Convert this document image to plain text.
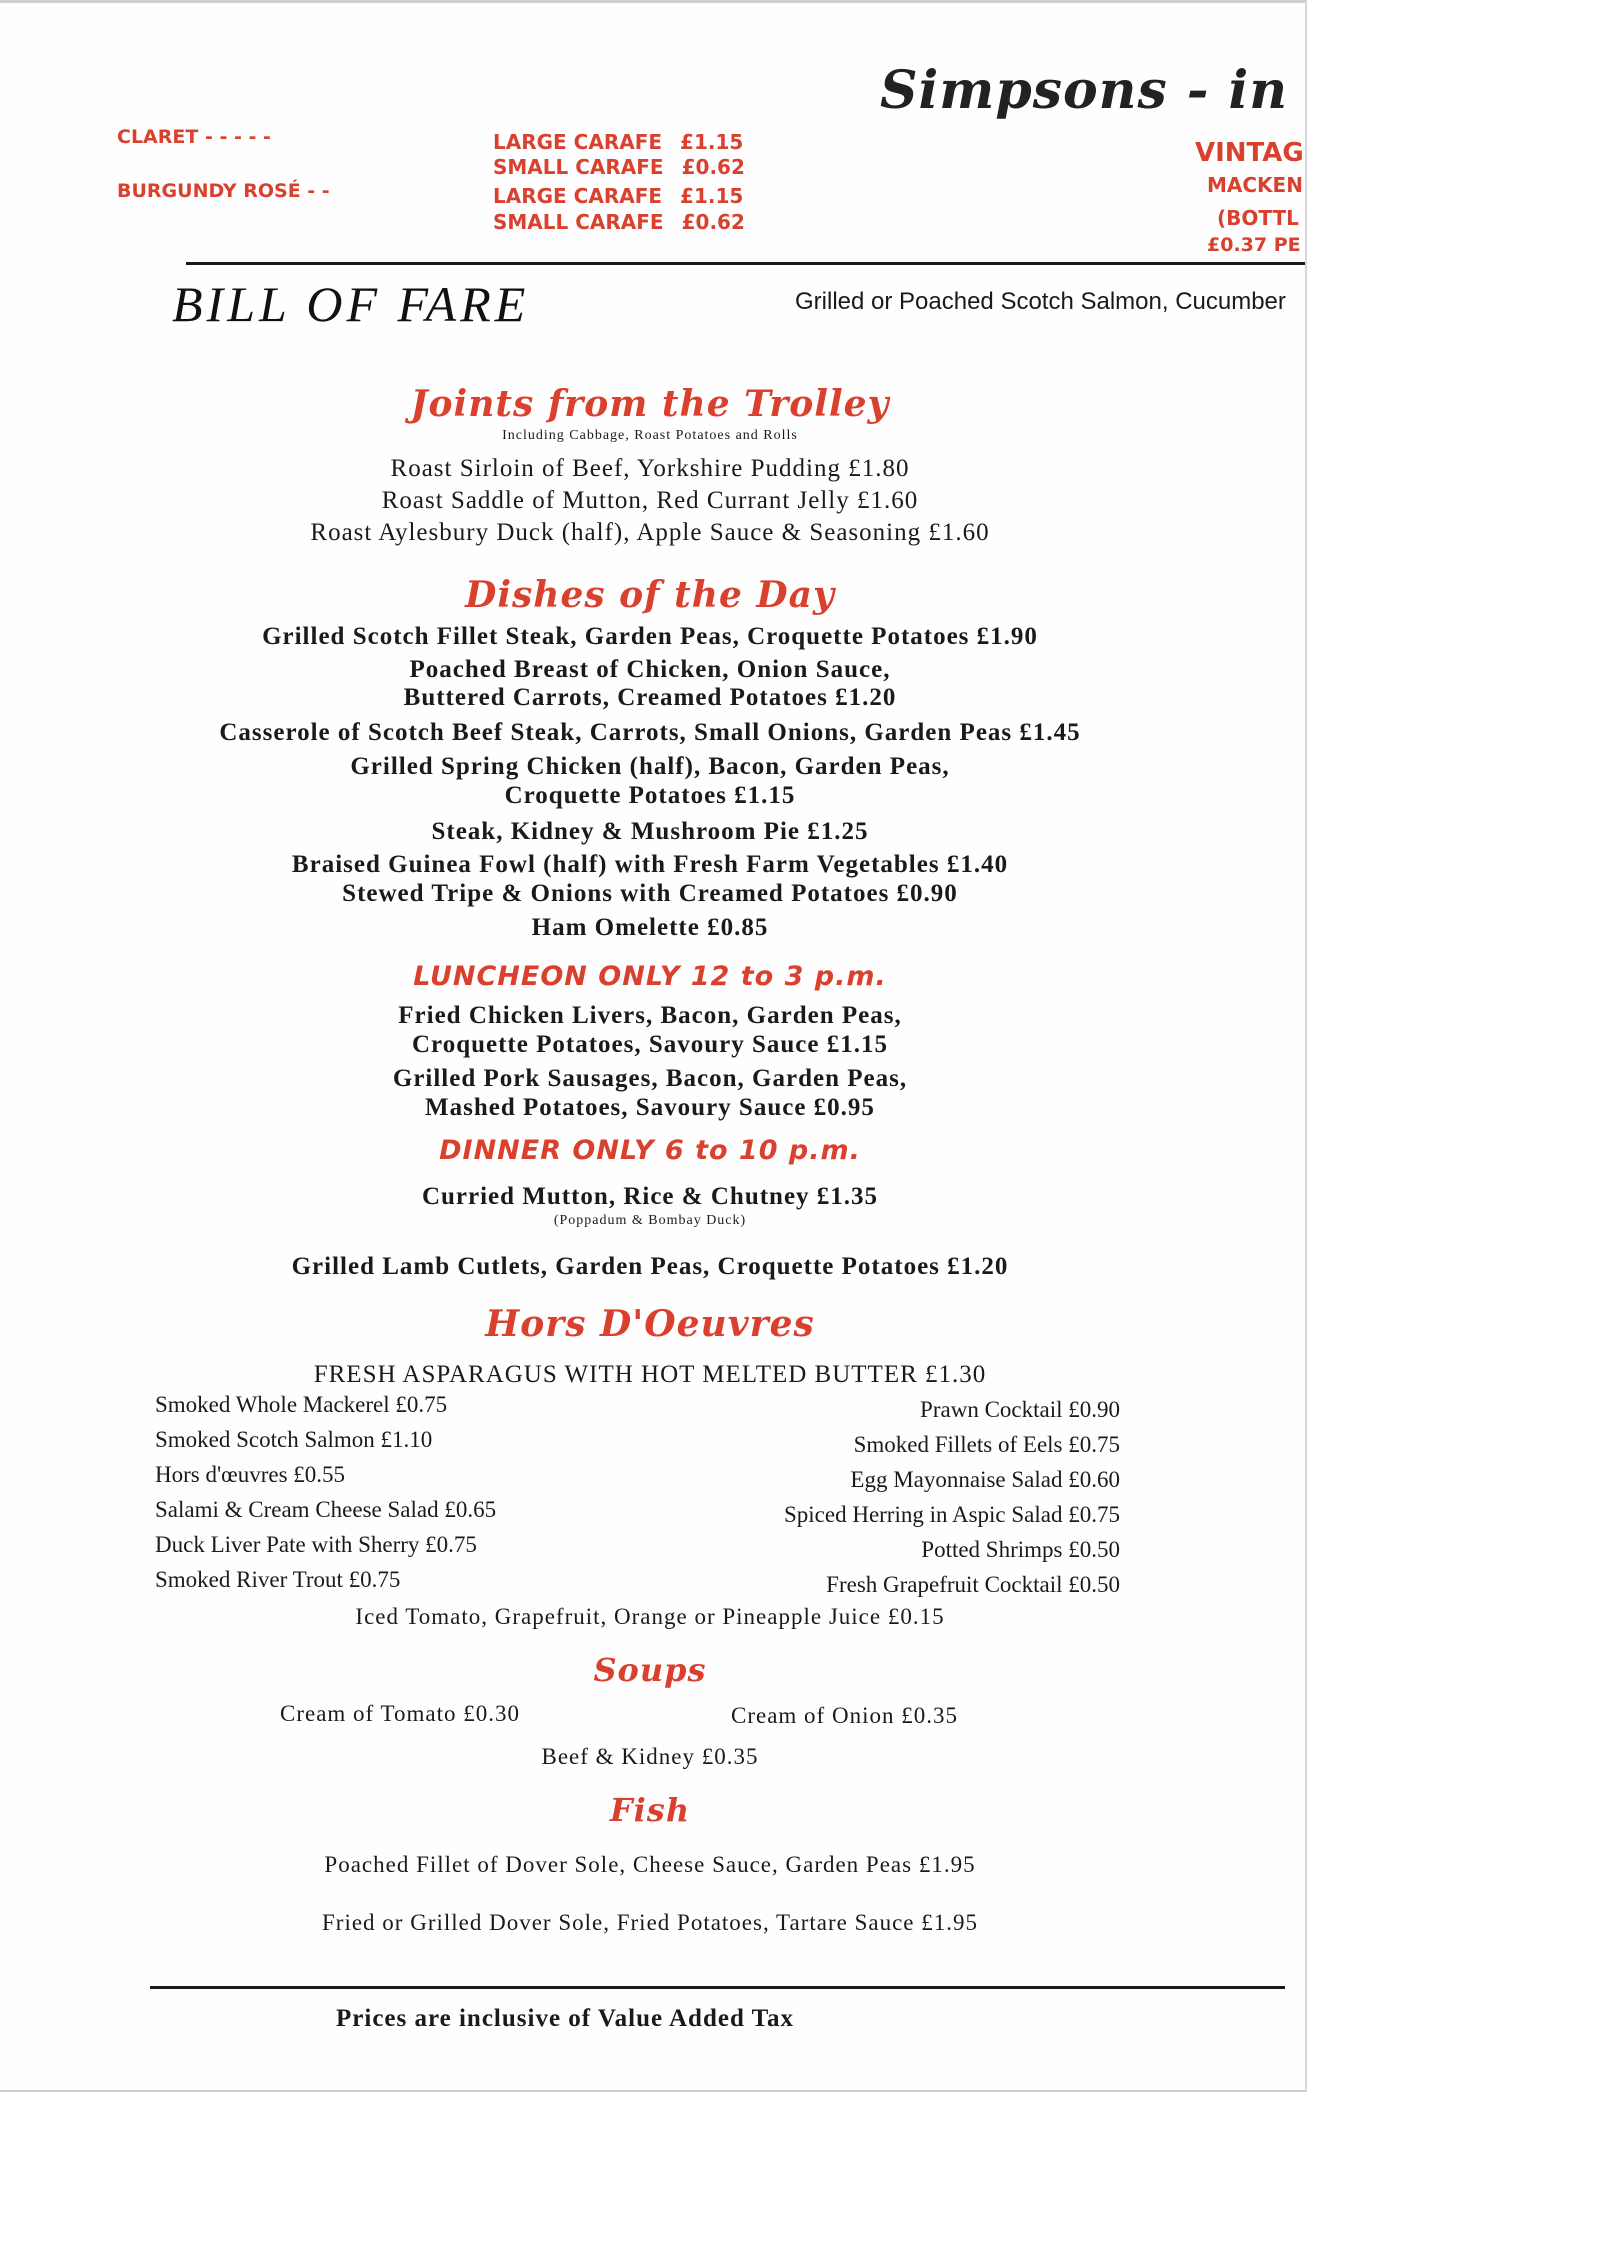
Simpsons - in
CLARET - - - - -	LARGE CARAFE £1.15
SMALL CARAFE £0.62
BURGUNDY ROSÉ - -	LARGE CARAFE £1.15
SMALL CARAFE £0.62
VINTAG
MACKEN
(BOTTL
£0.37 PE
BILL OF FARE	Grilled or Poached Scotch Salmon, Cucumber
Joints from the Trolley
Including Cabbage, Roast Potatoes and Rolls
Roast Sirloin of Beef, Yorkshire Pudding £1.80
Roast Saddle of Mutton, Red Currant Jelly £1.60
Roast Aylesbury Duck (half), Apple Sauce & Seasoning £1.60
Dishes of the Day
Grilled Scotch Fillet Steak, Garden Peas, Croquette Potatoes £1.90
Poached Breast of Chicken, Onion Sauce,
Buttered Carrots, Creamed Potatoes £1.20
Casserole of Scotch Beef Steak, Carrots, Small Onions, Garden Peas £1.45
Grilled Spring Chicken (half), Bacon, Garden Peas,
Croquette Potatoes £1.15
Steak, Kidney & Mushroom Pie £1.25
Braised Guinea Fowl (half) with Fresh Farm Vegetables £1.40
Stewed Tripe & Onions with Creamed Potatoes £0.90
Ham Omelette £0.85
LUNCHEON ONLY 12 to 3 p.m.
Fried Chicken Livers, Bacon, Garden Peas,
Croquette Potatoes, Savoury Sauce £1.15
Grilled Pork Sausages, Bacon, Garden Peas,
Mashed Potatoes, Savoury Sauce £0.95
DINNER ONLY 6 to 10 p.m.
Curried Mutton, Rice & Chutney £1.35
(Poppadum & Bombay Duck)
Grilled Lamb Cutlets, Garden Peas, Croquette Potatoes £1.20
Hors D'Oeuvres
FRESH ASPARAGUS WITH HOT MELTED BUTTER £1.30
Smoked Whole Mackerel £0.75
Smoked Scotch Salmon £1.10
Hors d'œuvres £0.55
Salami & Cream Cheese Salad £0.65
Duck Liver Pate with Sherry £0.75
Smoked River Trout £0.75
Prawn Cocktail £0.90
Smoked Fillets of Eels £0.75
Egg Mayonnaise Salad £0.60
Spiced Herring in Aspic Salad £0.75
Potted Shrimps £0.50
Fresh Grapefruit Cocktail £0.50
Iced Tomato, Grapefruit, Orange or Pineapple Juice £0.15
Soups
Cream of Tomato £0.30	Cream of Onion £0.35
Beef & Kidney £0.35
Fish
Poached Fillet of Dover Sole, Cheese Sauce, Garden Peas £1.95
Fried or Grilled Dover Sole, Fried Potatoes, Tartare Sauce £1.95
Prices are inclusive of Value Added Tax
